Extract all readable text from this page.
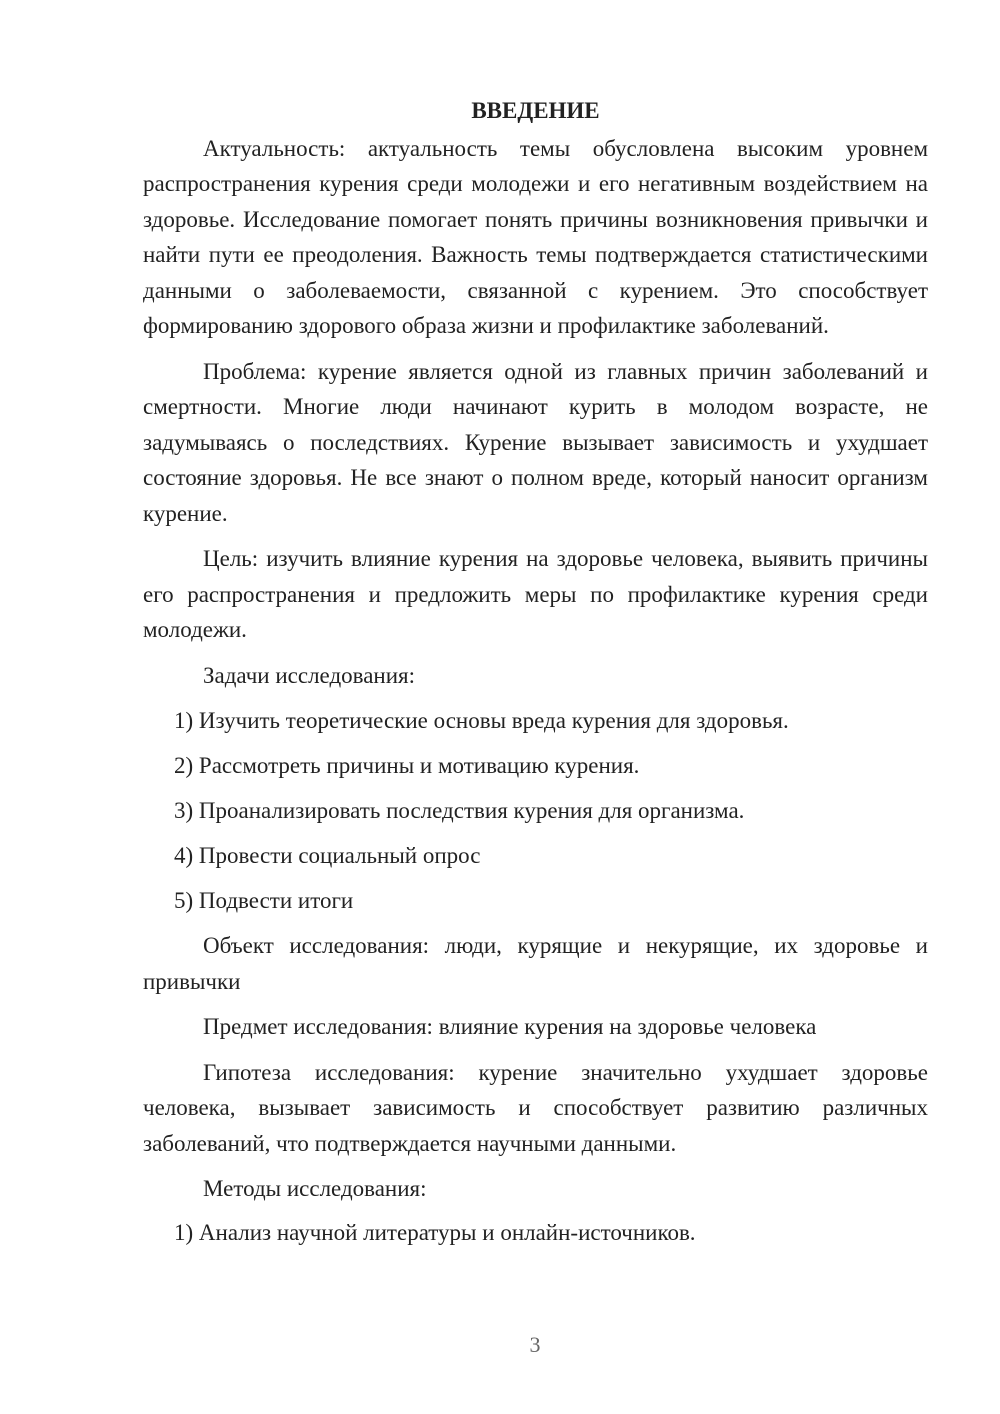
ВВЕДЕНИЕ

Актуальность: актуальность темы обусловлена высоким уровнем распространения курения среди молодежи и его негативным воздействием на здоровье. Исследование помогает понять причины возникновения привычки и найти пути ее преодоления. Важность темы подтверждается статистическими данными о заболеваемости, связанной с курением. Это способствует формированию здорового образа жизни и профилактике заболеваний.

Проблема: курение является одной из главных причин заболеваний и смертности. Многие люди начинают курить в молодом возрасте, не задумываясь о последствиях. Курение вызывает зависимость и ухудшает состояние здоровья. Не все знают о полном вреде, который наносит организм курение.

Цель: изучить влияние курения на здоровье человека, выявить причины его распространения и предложить меры по профилактике курения среди молодежи.

Задачи исследования:

1) Изучить теоретические основы вреда курения для здоровья.
2) Рассмотреть причины и мотивацию курения.
3) Проанализировать последствия курения для организма.
4) Провести социальный опрос
5) Подвести итоги

Объект исследования: люди, курящие и некурящие, их здоровье и привычки

Предмет исследования: влияние курения на здоровье человека

Гипотеза исследования: курение значительно ухудшает здоровье человека, вызывает зависимость и способствует развитию различных заболеваний, что подтверждается научными данными.

Методы исследования:

1) Анализ научной литературы и онлайн-источников.
3
